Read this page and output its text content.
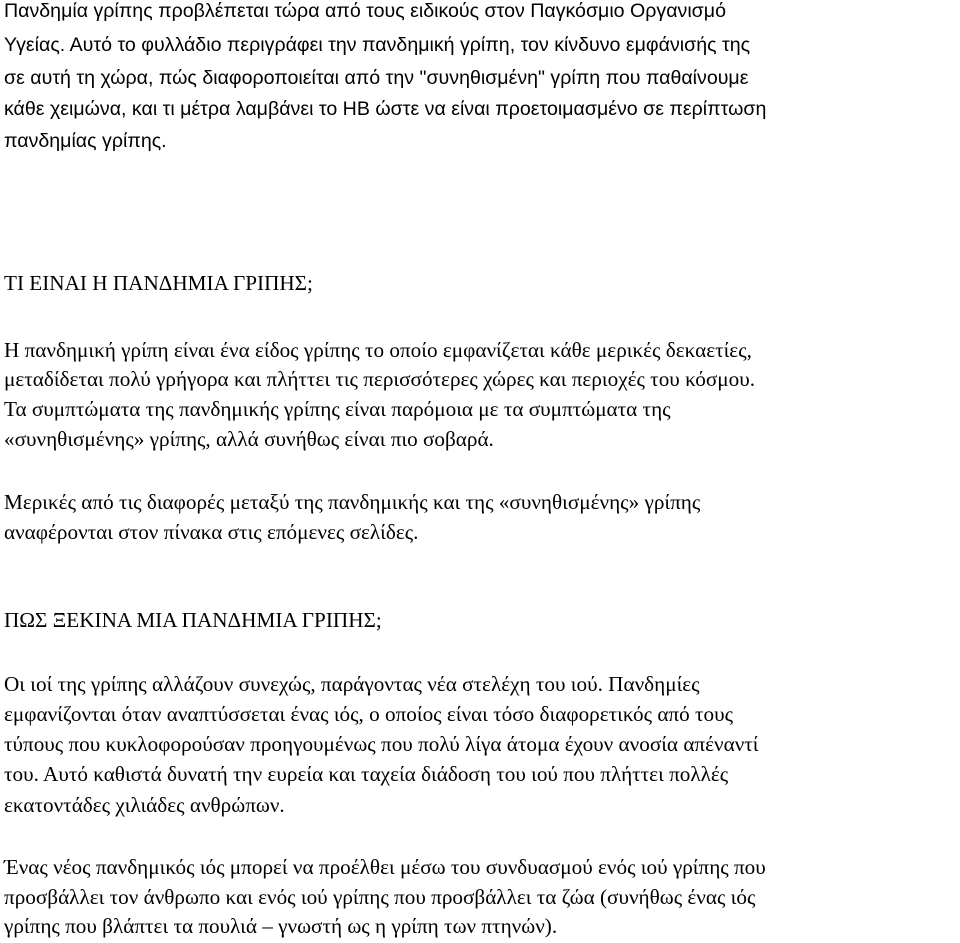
Πανδημία γρίπης προβλέπεται τώρα από τους ειδικούς στον Παγκόσμιο Οργανισμό
Υγείας. Αυτό το φυλλάδιο περιγράφει την πανδημική γρίπη, τον κίνδυνο εμφάνισής της
σε αυτή τη χώρα, πώς διαφοροποιείται από την "συνηθισμένη" γρίπη που παθαίνουμε
κάθε χειμώνα, και τι μέτρα λαμβάνει το ΗΒ ώστε να είναι προετοιμασμένο σε περίπτωση
πανδημίας γρίπης.
ΤΙ ΕΙΝΑΙ Η ΠΑΝΔΗΜΙΑ ΓΡΙΠΗΣ;
Η πανδημική γρίπη είναι ένα είδος γρίπης το οποίο εμφανίζεται κάθε μερικές δεκαετίες,
μεταδίδεται πολύ γρήγορα και πλήττει τις περισσότερες χώρες και περιοχές του κόσμου.
Τα συμπτώματα της πανδημικής γρίπης είναι παρόμοια με τα συμπτώματα της
«συνηθισμένης» γρίπης, αλλά συνήθως είναι πιο σοβαρά.
Μερικές από τις διαφορές μεταξύ της πανδημικής και της «συνηθισμένης» γρίπης
αναφέρονται στον πίνακα στις επόμενες σελίδες.
ΠΩΣ ΞΕΚΙΝΑ ΜΙΑ ΠΑΝΔΗΜΙΑ ΓΡΙΠΗΣ;
Οι ιοί της γρίπης αλλάζουν συνεχώς, παράγοντας νέα στελέχη του ιού. Πανδημίες
εμφανίζονται όταν αναπτύσσεται ένας ιός, ο οποίος είναι τόσο διαφορετικός από τους
τύπους που κυκλοφορούσαν προηγουμένως που πολύ λίγα άτομα έχουν ανοσία απέναντί
του. Αυτό καθιστά δυνατή την ευρεία και ταχεία διάδοση του ιού που πλήττει πολλές
εκατοντάδες χιλιάδες ανθρώπων.
Ένας νέος πανδημικός ιός μπορεί να προέλθει μέσω του συνδυασμού ενός ιού γρίπης που
προσβάλλει τον άνθρωπο και ενός ιού γρίπης που προσβάλλει τα ζώα (συνήθως ένας ιός
γρίπης που βλάπτει τα πουλιά – γνωστή ως η γρίπη των πτηνών).
